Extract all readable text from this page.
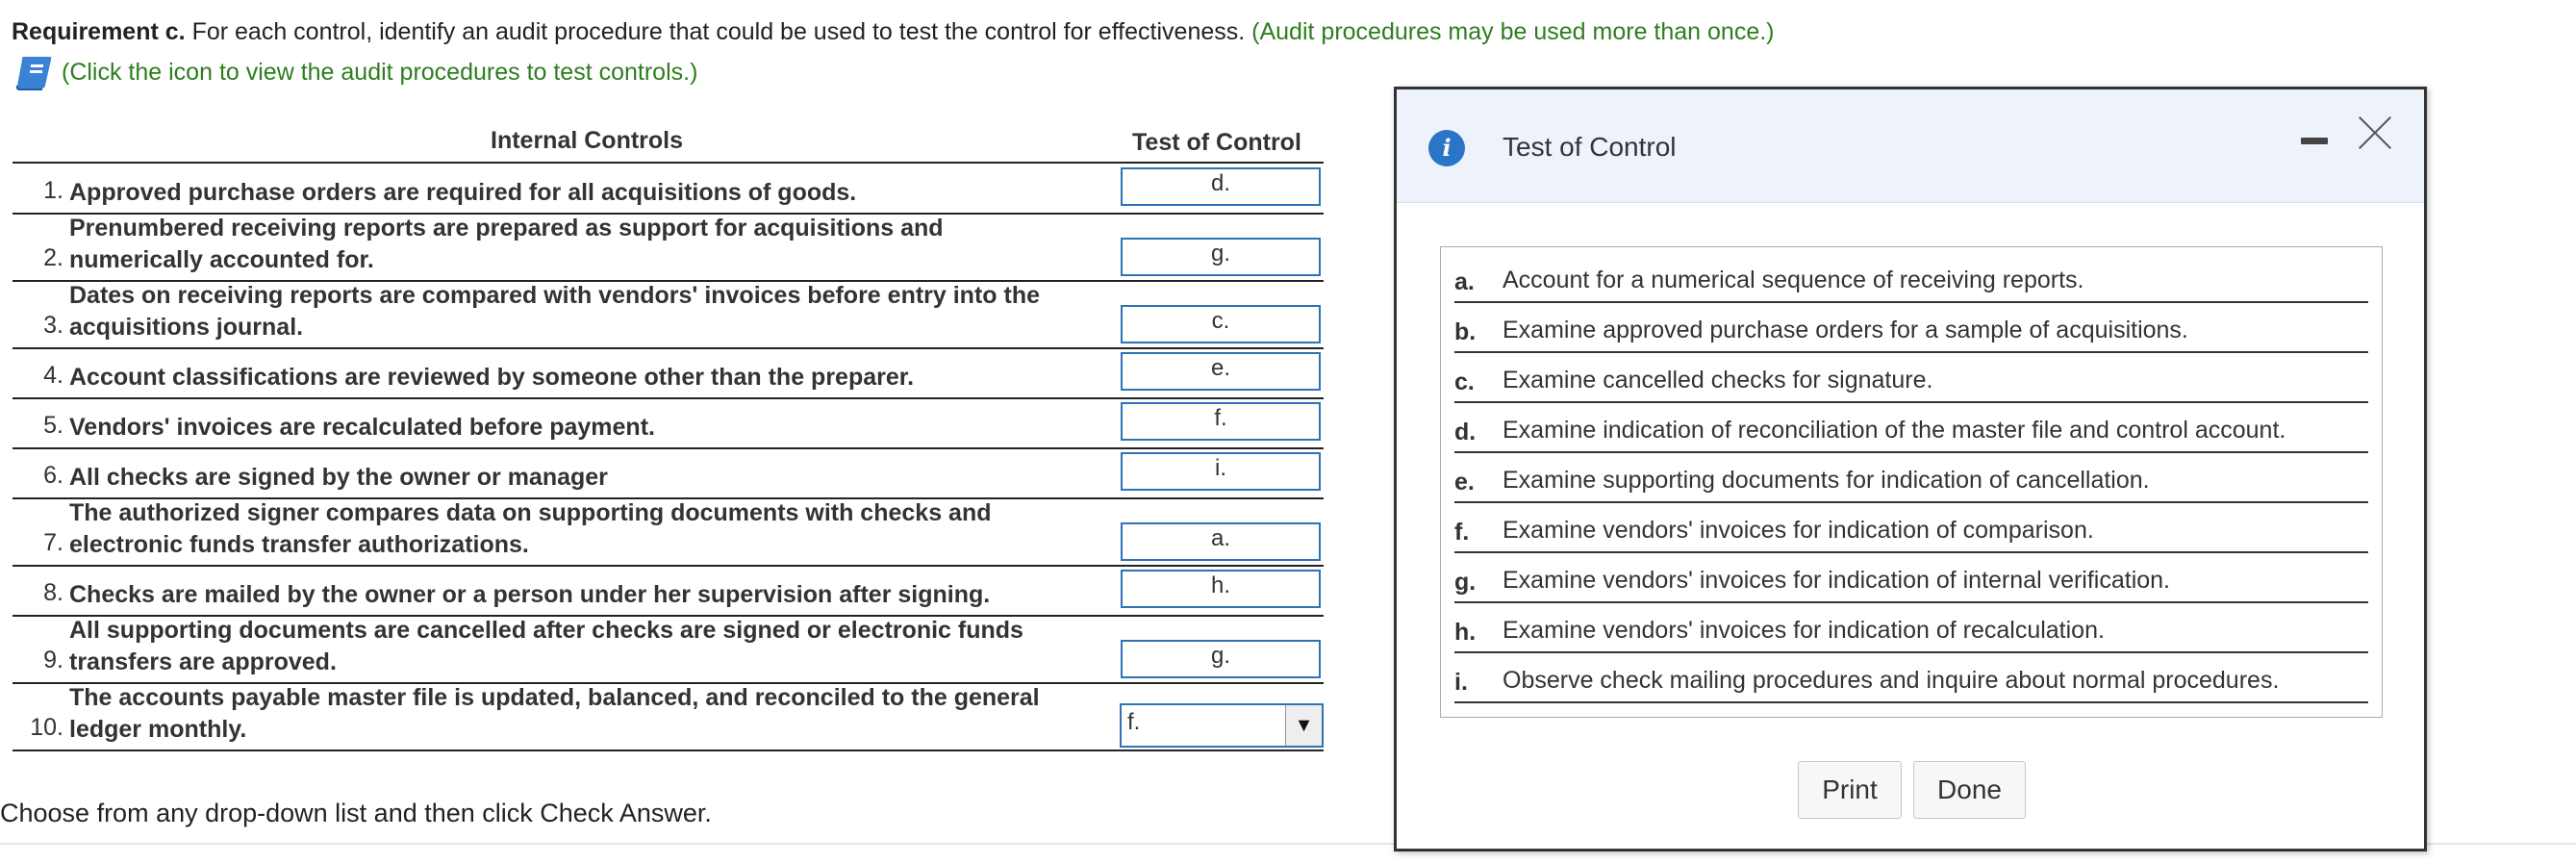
Requirement c. For each control, identify an audit procedure that could be used to test the control for effectiveness. (Audit procedures may be used more than once.)
(Click the icon to view the audit procedures to test controls.)
Internal Controls	Test of Control
1. Approved purchase orders are required for all acquisitions of goods.	d.
2.
Prenumbered receiving reports are prepared as support for acquisitions and
numerically accounted for.	g.
3.
Dates on receiving reports are compared with vendors' invoices before entry into the
acquisitions journal.	c.
4. Account classifications are reviewed by someone other than the preparer.	e.
5. Vendors' invoices are recalculated before payment.	f.
6. All checks are signed by the owner or manager	i.
7.
The authorized signer compares data on supporting documents with checks and
electronic funds transfer authorizations.	a.
8. Checks are mailed by the owner or a person under her supervision after signing.	h.
9.
All supporting documents are cancelled after checks are signed or electronic funds
transfers are approved.	g.
10.
The accounts payable master file is updated, balanced, and reconciled to the general
ledger monthly.	f.	▼
Choose from any drop-down list and then click Check Answer.
i	Test of Control
a. Account for a numerical sequence of receiving reports.
b. Examine approved purchase orders for a sample of acquisitions.
c. Examine cancelled checks for signature.
d. Examine indication of reconciliation of the master file and control account.
e. Examine supporting documents for indication of cancellation.
f. Examine vendors' invoices for indication of comparison.
g. Examine vendors' invoices for indication of internal verification.
h. Examine vendors' invoices for indication of recalculation.
i. Observe check mailing procedures and inquire about normal procedures.
Print	Done
